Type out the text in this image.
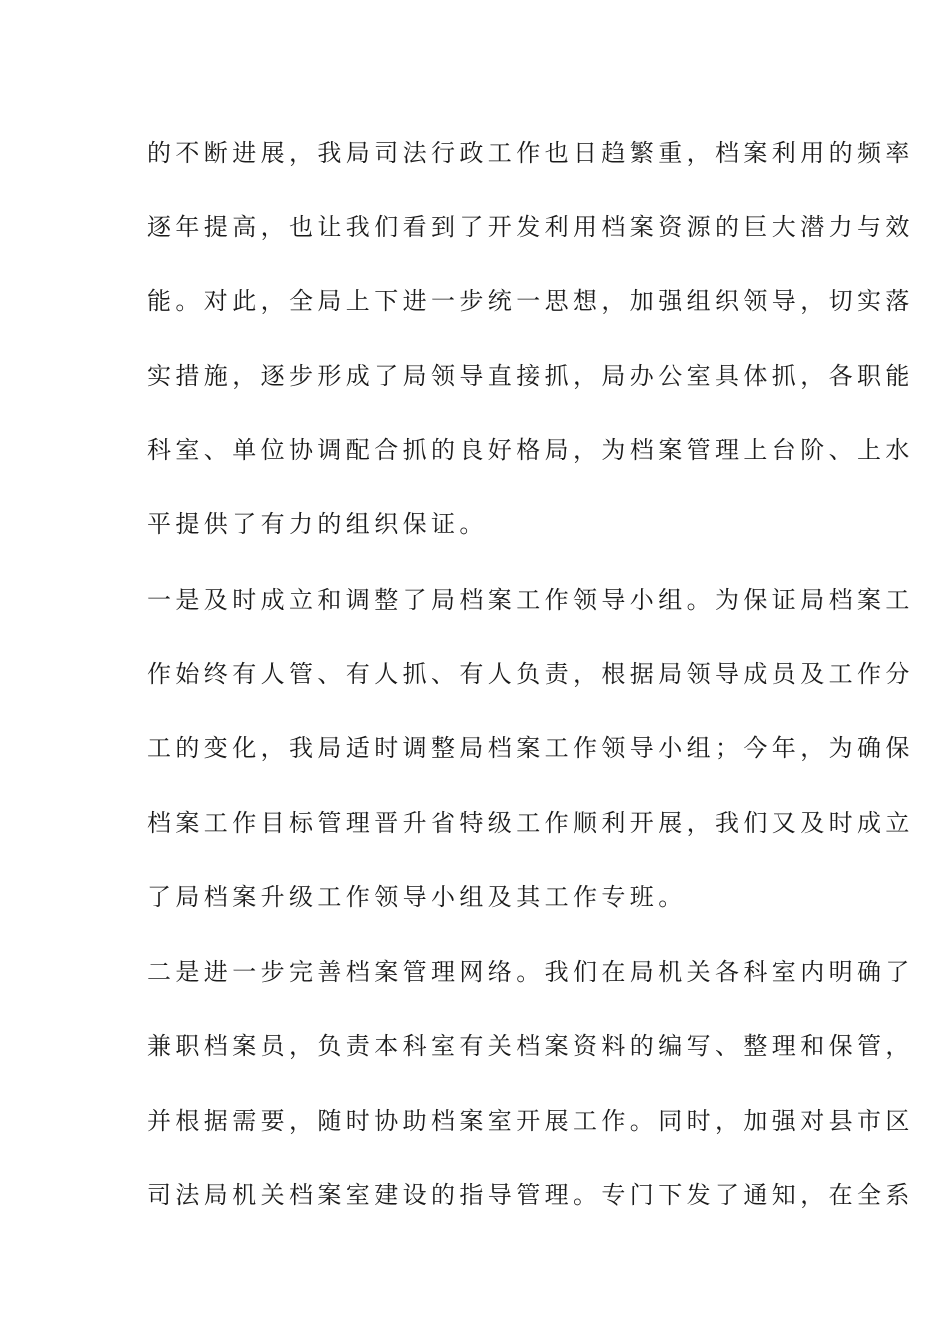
的不断进展，我局司法行政工作也日趋繁重，档案利用的频率
逐年提高，也让我们看到了开发利用档案资源的巨大潜力与效
能。对此，全局上下进一步统一思想，加强组织领导，切实落
实措施，逐步形成了局领导直接抓，局办公室具体抓，各职能
科室、单位协调配合抓的良好格局，为档案管理上台阶、上水
平提供了有力的组织保证。
一是及时成立和调整了局档案工作领导小组。为保证局档案工
作始终有人管、有人抓、有人负责，根据局领导成员及工作分
工的变化，我局适时调整局档案工作领导小组；今年，为确保
档案工作目标管理晋升省特级工作顺利开展，我们又及时成立
了局档案升级工作领导小组及其工作专班。
二是进一步完善档案管理网络。我们在局机关各科室内明确了
兼职档案员，负责本科室有关档案资料的编写、整理和保管，
并根据需要，随时协助档案室开展工作。同时，加强对县市区
司法局机关档案室建设的指导管理。专门下发了通知，在全系
